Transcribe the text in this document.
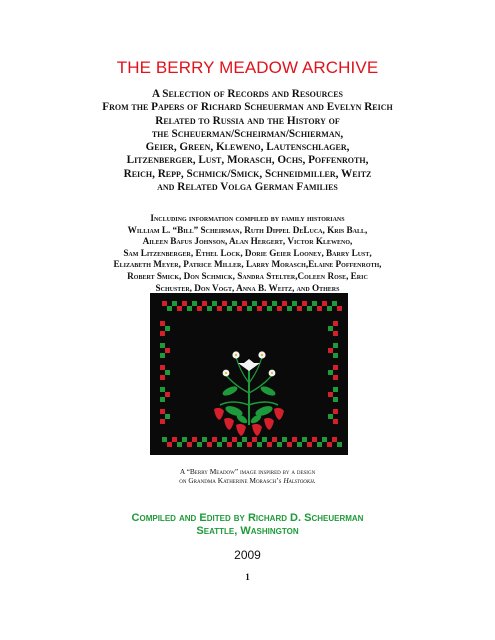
THE BERRY MEADOW ARCHIVE
A Selection of Records and Resources
From the Papers of Richard Scheuerman and Evelyn Reich
Related to Russia and the History of
the Scheuerman/Scheirman/Schierman,
Geier, Green, Kleweno, Lautenschlager,
Litzenberger, Lust, Morasch, Ochs, Poffenroth,
Reich, Repp, Schmick/Smick, Schneidmiller, Weitz
and Related Volga German Families
Including information compiled by family historians
William L. “Bill” Scheirman, Ruth Dippel DeLuca, Kris Ball,
Aileen Bafus Johnson, Alan Hergert, Victor Kleweno,
Sam Litzenberger, Ethel Lock, Dorie Geier Looney, Barry Lust,
Elizabeth Meyer, Patrice Miller, Larry Morasch,Elaine Poffenroth,
Robert Smick, Don Schmick, Sandra Stelter,Coleen Rose, Eric
Schuster, Don Vogt, Anna B. Weitz, and Others
A “Berry Meadow” image inspired by a design
on Grandma Katherine Morasch’s Halstookh.
Compiled and Edited by Richard D. Scheuerman
Seattle, Washington
2009
1
